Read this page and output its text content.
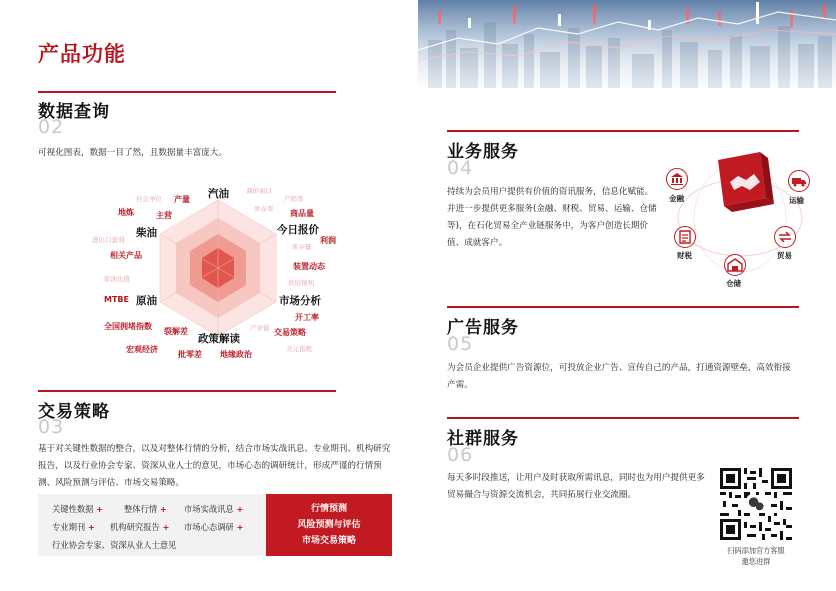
产品功能
数据查询
02
可视化图表，数据一目了然，且数据量丰富庞大。
汽油
今日报价
市场分析
政策解读
原油
柴油
产量
主营
地炼
相关产品
MTBE
全国拥堵指数
宏观经济
裂解差
批零差 地缘政治
交易策略
开工率
装置动态
利润
商品量
社会单位
调价窗口
产销率
库存率
库存量
进出口套利
供给预判
原油比值
产业链
美元指数
交易策略
03
基于对关键性数据的整合，以及对整体行情的分析，结合市场实战讯息、专业期刊、机构研究报告，以及行业协会专家、资深从业人士的意见，市场心态的调研统计，形成严谨的行情预测、风险预测与评估、市场交易策略。
关键性数据 +	整体行情 + 市场实战讯息 +
专业期刊 + 机构研究报告 + 市场心态调研 +
行业协会专家、资深从业人士意见
行情预测
风险预测与评估
市场交易策略
业务服务
04
持续为会员用户提供有价值的资讯服务，信息化赋能。并进一步提供更多服务(金融、财税、贸易、运输、仓储等)，在石化贸易全产业链服务中，为客户创造长期价值、成就客户。
金融	运输
财税	贸易
仓储
广告服务
05
为会员企业提供广告资源位，可投放企业广告、宣传自己的产品，打通资源壁垒，高效衔接产需。
社群服务
06
每天多时段推送，让用户及时获取所需讯息，同时也为用户提供更多贸易撮合与资源交流机会，共同拓展行业交流圈。
扫码添加官方客服
邀您进群
